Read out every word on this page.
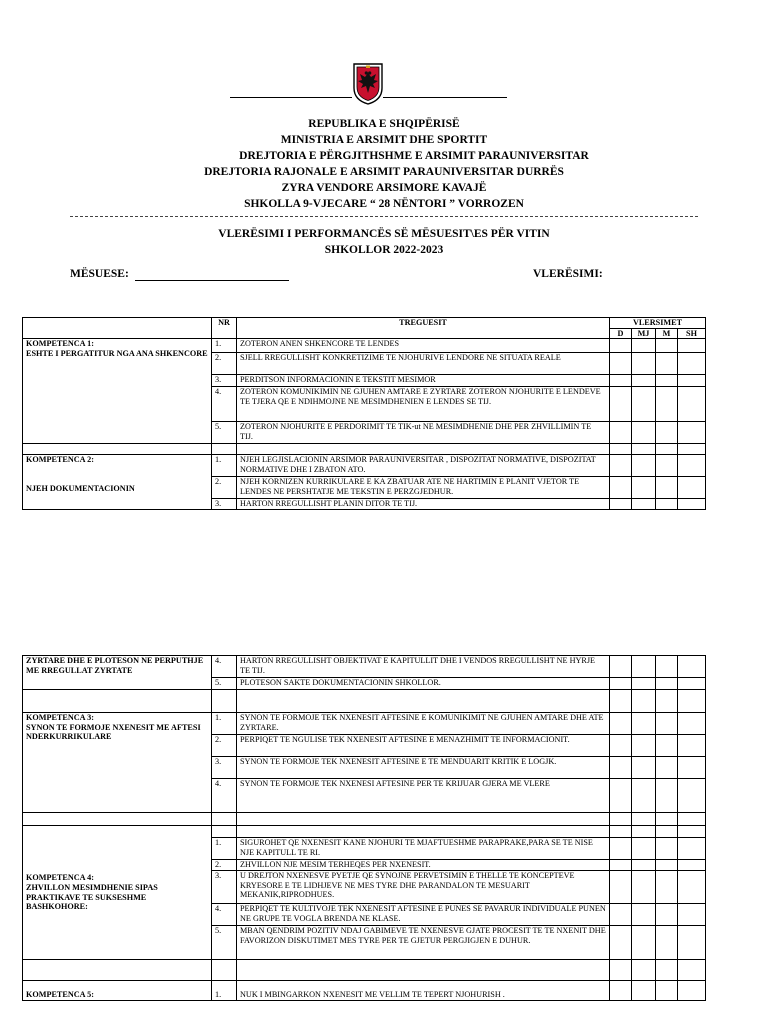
REPUBLIKA E SHQIPËRISË
MINISTRIA E ARSIMIT DHE SPORTIT
DREJTORIA E PËRGJITHSHME E ARSIMIT PARAUNIVERSITAR
DREJTORIA RAJONALE E ARSIMIT PARAUNIVERSITAR DURRËS
ZYRA VENDORE ARSIMORE KAVAJË
SHKOLLA 9-VJECARE “ 28 NËNTORI ” VORROZEN
VLERËSIMI I PERFORMANCËS SË MËSUESIT\ES PËR VITIN
SHKOLLOR 2022-2023
MËSUESE:	VLERËSIMI:
	NR	TREGUESIT	VLERSIMET			
			D	MJ	M	SH
KOMPETENCA 1:
ESHTE I PERGATITUR NGA ANA SHKENCORE	1.	ZOTERON ANEN SHKENCORE TE LENDES				
	2.	SJELL RREGULLISHT KONKRETIZIME TE NJOHURIVE LENDORE NE SITUATA REALE				
	3.	PERDITSON INFORMACIONIN E TEKSTIT MESIMOR				
	4.	ZOTERON KOMUNIKIMIN NE GJUHEN AMTARE E ZYRTARE ZOTERON NJOHURITE E LENDEVE TE TJERA QE E NDIHMOJNE NE MESIMDHENIEN E LENDES SE TIJ.				
	5.	ZOTERON NJOHURITE E PERDORIMIT TE TIK-ut NE MESIMDHENIE DHE PER ZHVILLIMIN TE TIJ.				

KOMPETENCA 2:
NJEH DOKUMENTACIONIN	1.	NJEH LEGJISLACIONIN ARSIMOR PARAUNIVERSITAR , DISPOZITAT NORMATIVE, DISPOZITAT NORMATIVE DHE I ZBATON ATO.				
	2.	NJEH KORNIZEN KURRIKULARE E KA ZBATUAR ATE NE HARTIMIN E PLANIT VJETOR TE LENDES NE PERSHTATJE ME TEKSTIN E PERZGJEDHUR.				
	3.	HARTON RREGULLISHT PLANIN DITOR TE TIJ.				
ZYRTARE DHE E PLOTESON NE PERPUTHJE ME RREGULLAT ZYRTATE	4.	HARTON RREGULLISHT OBJEKTIVAT E KAPITULLIT DHE I VENDOS RREGULLISHT NE HYRJE TE TIJ.				
	5.	PLOTESON SAKTE DOKUMENTACIONIN SHKOLLOR.				

KOMPETENCA 3:
SYNON TE FORMOJE NXENESIT ME AFTESI NDERKURRIKULARE	1.	SYNON TE FORMOJE TEK NXENESIT AFTESINE E KOMUNIKIMIT NE GJUHEN AMTARE DHE ATE ZYRTARE.				
	2.	PERPIQET TE NGULISE TEK NXENESIT AFTESINE E MENAZHIMIT TE INFORMACIONIT.				
	3.	SYNON TE FORMOJE TEK NXENESIT AFTESINE E TE MENDUARIT KRITIK E LOGJK.				
	4.	SYNON TE FORMOJE TEK NXENESI AFTESINE PER TE KRIJUAR GJERA ME VLERE				

KOMPETENCA 4:
ZHVILLON MESIMDHENIE SIPAS PRAKTIKAVE TE SUKSESHME BASHKOHORE:						
	1.	SIGUROHET QE NXENESIT KANE NJOHURI TE MJAFTUESHME PARAPRAKE,PARA SE TE NISE NJE KAPITULL TE RI.				
	2.	ZHVILLON NJE MESIM TERHEQES PER NXENESIT.				
	3.	U DREJTON NXENESVE PYETJE QE SYNOJNE PERVETSIMIN E THELLE TE KONCEPTEVE KRYESORE E TE LIDHJEVE NE MES TYRE DHE PARANDALON TE MESUARIT MEKANIK,RIPRODHUES.				
	4.	PERPIQET TE KULTIVOJE TEK NXENESIT AFTESINE E PUNES SE PAVARUR INDIVIDUALE PUNEN NE GRUPE TE VOGLA BRENDA NE KLASE.				
	5.	MBAN QENDRIM POZITIV NDAJ GABIMEVE TE NXENESVE GJATE PROCESIT TE TE NXENIT DHE FAVORIZON DISKUTIMET MES TYRE PER TE GJETUR PERGJIGJEN E DUHUR.				

KOMPETENCA 5:	1.	NUK I MBINGARKON NXENESIT ME VELLIM TE TEPERT NJOHURISH .				
